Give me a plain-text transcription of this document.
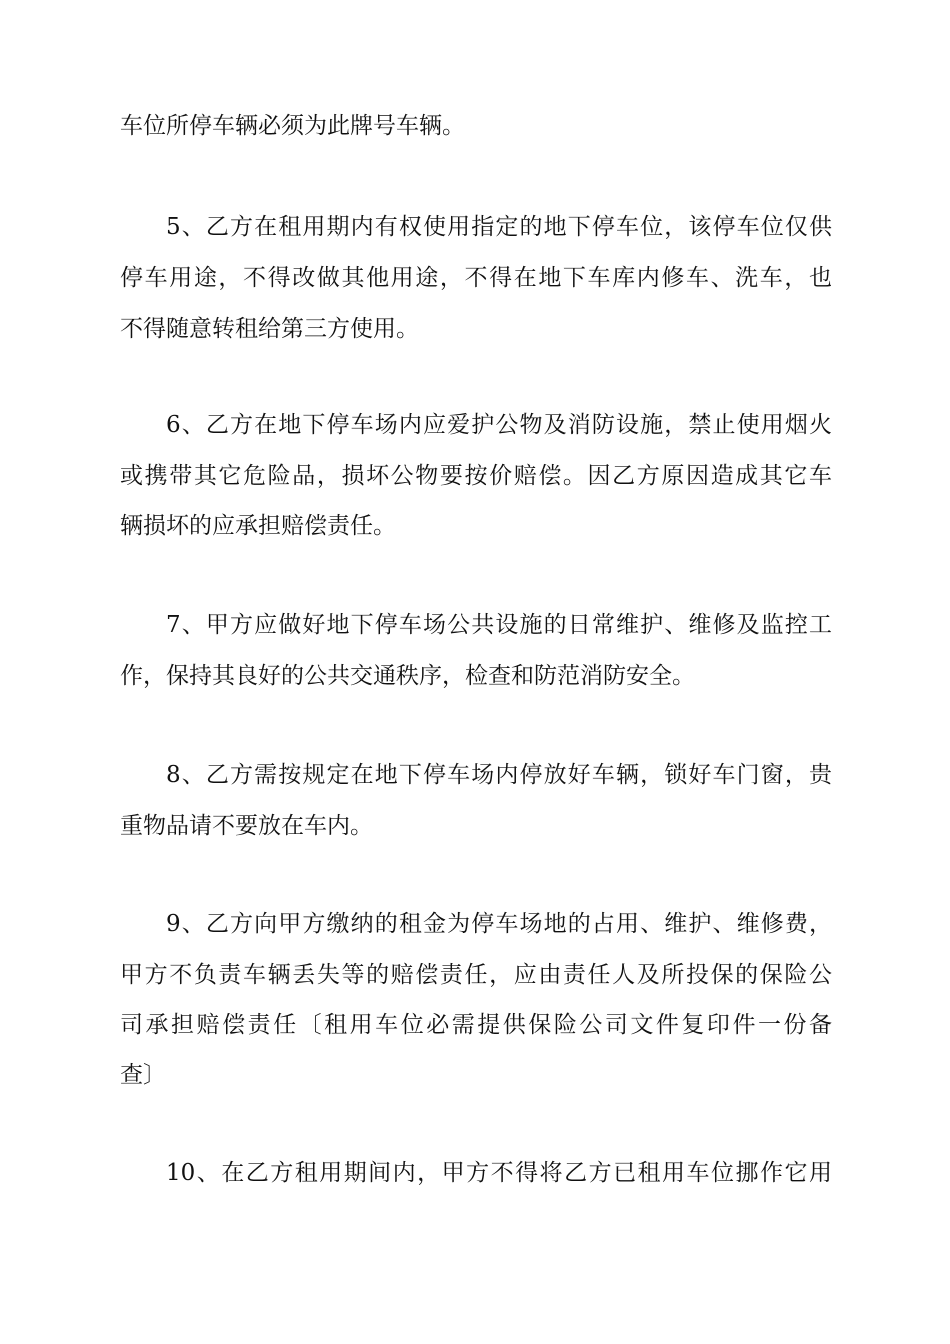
车位所停车辆必须为此牌号车辆。
5、乙方在租用期内有权使用指定的地下停车位，该停车位仅供
停车用途，不得改做其他用途，不得在地下车库内修车、洗车，也
不得随意转租给第三方使用。
6、乙方在地下停车场内应爱护公物及消防设施，禁止使用烟火
或携带其它危险品，损坏公物要按价赔偿。因乙方原因造成其它车
辆损坏的应承担赔偿责任。
7、甲方应做好地下停车场公共设施的日常维护、维修及监控工
作，保持其良好的公共交通秩序，检查和防范消防安全。
8、乙方需按规定在地下停车场内停放好车辆，锁好车门窗，贵
重物品请不要放在车内。
9、乙方向甲方缴纳的租金为停车场地的占用、维护、维修费，
甲方不负责车辆丢失等的赔偿责任，应由责任人及所投保的保险公
司承担赔偿责任〔租用车位必需提供保险公司文件复印件一份备
查〕
10、在乙方租用期间内，甲方不得将乙方已租用车位挪作它用
